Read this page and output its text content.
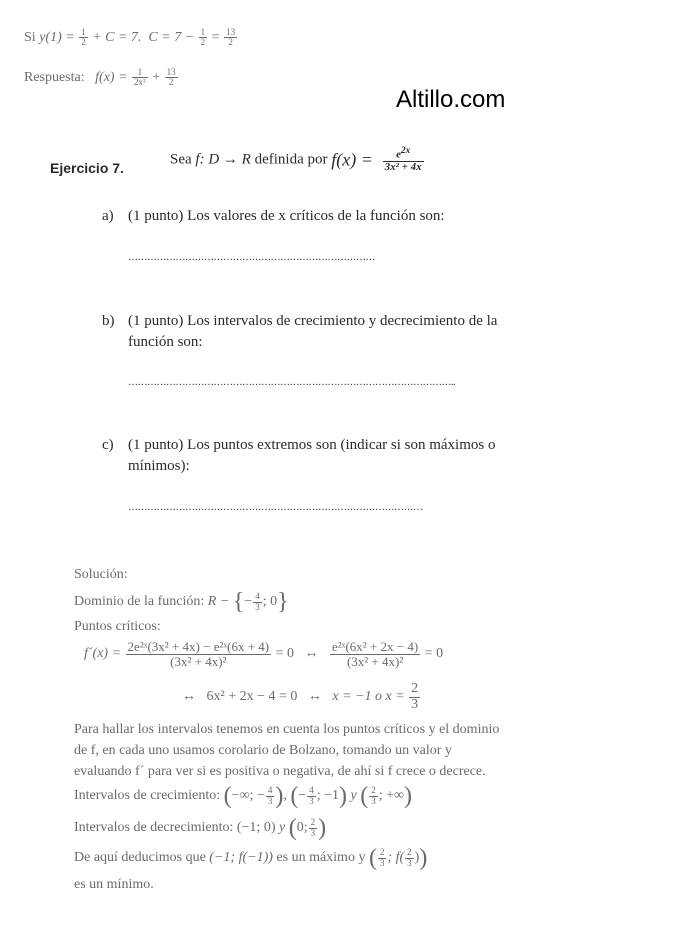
Si $y(1) = \frac{1}{2} + C = 7$. $C = 7 - \frac{1}{2} = \frac{13}{2}$
Respuesta: $f(x) = \frac{1}{\text{2x²}} + \frac{13}{2}$
Altillo.com
Ejercicio 7.
Sea f: D → R definida por $f(x) = \frac{e^{2x}}{\text{3x² + 4x}}$
a) (1 punto) Los valores de x críticos de la función son:
……………………………………………………………………
b) (1 punto) Los intervalos de crecimiento y decrecimiento de la
función son:
…………………………………………………………………………………………..
c) (1 punto) Los puntos extremos son (indicar si son máximos o
mínimos):
…………………………………………………………………………………
Solución:
Dominio de la función: R − {− $\frac{4}{3}$ ; 0}
Puntos críticos:
f´(x) = $\frac{\text{2e²ˣ(3x² + 4x) − e²ˣ(6x + 4)}}{\text{(3x² + 4x)²}} = 0$ ↔ $\frac{\text{e²ˣ(6x² + 2x − 4)}}{\text{(3x² + 4x)²}} = 0$
↔ 6x² + 2x − 4 = 0 ↔ x = −1 o $x = \frac{2}{3}$
Para hallar los intervalos tenemos en cuenta los puntos críticos y el dominio
de f, en cada uno usamos corolario de Bolzano, tomando un valor y
evaluando f´ para ver si es positiva o negativa, de ahí si f crece o decrece.
Intervalos de crecimiento: (−∞; − $\frac{4}{3}$ ), (− $\frac{4}{3}$ ; −1) y ( $\frac{2}{3}$ ; +∞)
Intervalos de decrecimiento: (−1; 0) y (0; $\frac{2}{3}$ )
De aquí deducimos que (−1; f(−1)) es un máximo y ( $\frac{2}{3}$ ; $f( \frac{2}{3}$ ))
es un mínimo.
